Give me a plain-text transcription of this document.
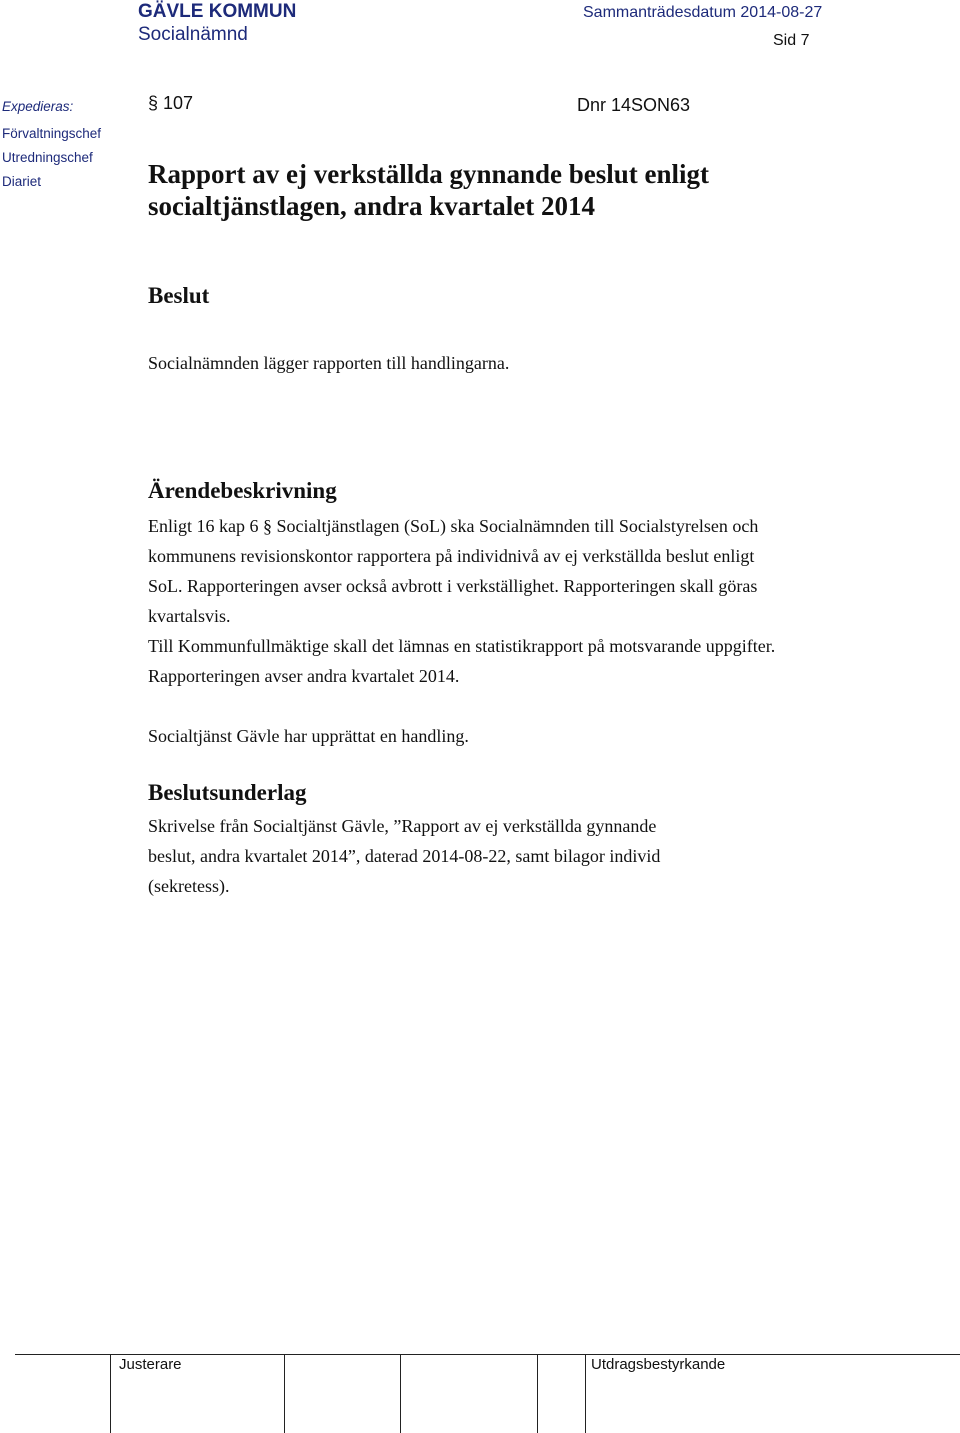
GÄVLE KOMMUN
Socialnämnd
Sammanträdesdatum 2014-08-27
Sid 7
Expedieras:
Förvaltningschef
Utredningschef
Diariet
§ 107	Dnr 14SON63
Rapport av ej verkställda gynnande beslut enligt socialtjänstlagen, andra kvartalet 2014
Beslut
Socialnämnden lägger rapporten till handlingarna.
Ärendebeskrivning
Enligt 16 kap 6 § Socialtjänstlagen (SoL) ska Socialnämnden till Socialstyrelsen och kommunens revisionskontor rapportera på individnivå av ej verkställda beslut enligt SoL. Rapporteringen avser också avbrott i verkställighet. Rapporteringen skall göras kvartalsvis.
Till Kommunfullmäktige skall det lämnas en statistikrapport på motsvarande uppgifter. Rapporteringen avser andra kvartalet 2014.
Socialtjänst Gävle har upprättat en handling.
Beslutsunderlag
Skrivelse från Socialtjänst Gävle, ”Rapport av ej verkställda gynnande beslut, andra kvartalet 2014”, daterad 2014-08-22, samt bilagor individ (sekretess).
Justerare	Utdragsbestyrkande
